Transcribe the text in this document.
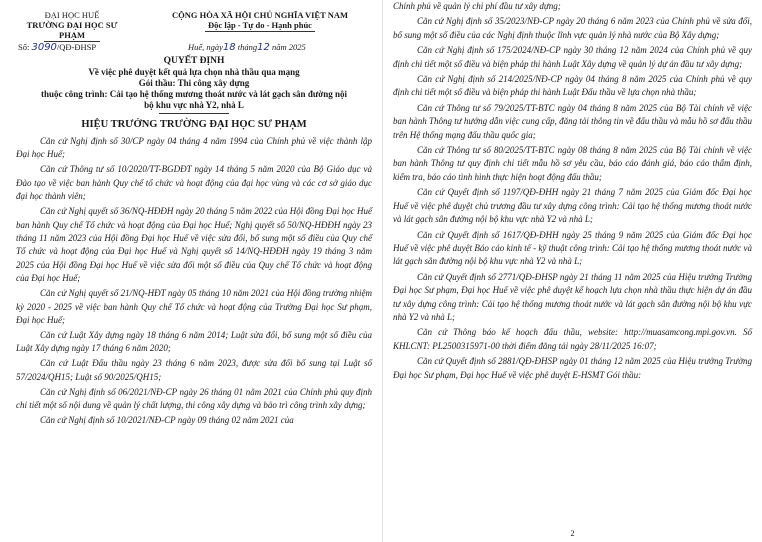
ĐẠI HỌC HUẾ
TRƯỜNG ĐẠI HỌC SƯ PHẠM
CỘNG HÒA XÃ HỘI CHỦ NGHĨA VIỆT NAM
Độc lập - Tự do - Hạnh phúc
Số: 3090/QĐ-ĐHSP	Huế, ngày18 tháng12 năm 2025
QUYẾT ĐỊNH
Về việc phê duyệt kết quả lựa chọn nhà thầu qua mạng
Gói thầu: Thi công xây dựng
thuộc công trình: Cải tạo hệ thống mương thoát nước và lát gạch sân đường nội
bộ khu vực nhà Y2, nhà L
HIỆU TRƯỞNG TRƯỜNG ĐẠI HỌC SƯ PHẠM

Căn cứ Nghị định số 30/CP ngày 04 tháng 4 năm 1994 của Chính phủ về việc thành lập Đại học Huế;

Căn cứ Thông tư số 10/2020/TT-BGDĐT ngày 14 tháng 5 năm 2020 của Bộ Giáo dục và Đào tạo về việc ban hành Quy chế tổ chức và hoạt động của đại học vùng và các cơ sở giáo dục đại học thành viên;

Căn cứ Nghị quyết số 36/NQ-HĐĐH ngày 20 tháng 5 năm 2022 của Hội đồng Đại học Huế ban hành Quy chế Tổ chức và hoạt động của Đại học Huế; Nghị quyết số 50/NQ-HĐĐH ngày 23 tháng 11 năm 2023 của Hội đồng Đại học Huế về việc sửa đổi, bổ sung một số điều của Quy chế Tổ chức và hoạt động của Đại học Huế và Nghị quyết số 14/NQ-HĐĐH ngày 19 tháng 3 năm 2025 của Hội đồng Đại học Huế về việc sửa đổi một số điều của Quy chế Tổ chức và hoạt động của Đại học Huế;

Căn cứ Nghị quyết số 21/NQ-HĐT ngày 05 tháng 10 năm 2021 của Hội đồng trường nhiệm kỳ 2020 - 2025 về việc ban hành Quy chế Tổ chức và hoạt động của Trường Đại học Sư phạm, Đại học Huế;

Căn cứ Luật Xây dựng ngày 18 tháng 6 năm 2014; Luật sửa đổi, bổ sung một số điều của Luật Xây dựng ngày 17 tháng 6 năm 2020;

Căn cứ Luật Đấu thầu ngày 23 tháng 6 năm 2023, được sửa đổi bổ sung tại Luật số 57/2024/QH15; Luật số 90/2025/QH15;

Căn cứ Nghị định số 06/2021/NĐ-CP ngày 26 tháng 01 năm 2021 của Chính phủ quy định chi tiết một số nội dung về quản lý chất lượng, thi công xây dựng và bảo trì công trình xây dựng;

Căn cứ Nghị định số 10/2021/NĐ-CP ngày 09 tháng 02 năm 2021 của

Chính phủ về quản lý chi phí đầu tư xây dựng;

Căn cứ Nghị định số 35/2023/NĐ-CP ngày 20 tháng 6 năm 2023 của Chính phủ về sửa đổi, bổ sung một số điều của các Nghị định thuộc lĩnh vực quản lý nhà nước của Bộ Xây dựng;

Căn cứ Nghị định số 175/2024/NĐ-CP ngày 30 tháng 12 năm 2024 của Chính phủ về quy định chi tiết một số điều và biện pháp thi hành Luật Xây dựng về quản lý dự án đầu tư xây dựng;

Căn cứ Nghị định số 214/2025/NĐ-CP ngày 04 tháng 8 năm 2025 của Chính phủ về quy định chi tiết một số điều và biện pháp thi hành Luật Đấu thầu về lựa chọn nhà thầu;

Căn cứ Thông tư số 79/2025/TT-BTC ngày 04 tháng 8 năm 2025 của Bộ Tài chính về việc ban hành Thông tư hướng dẫn việc cung cấp, đăng tải thông tin về đấu thầu và mẫu hồ sơ đấu thầu trên Hệ thống mạng đấu thầu quốc gia;

Căn cứ Thông tư số 80/2025/TT-BTC ngày 08 tháng 8 năm 2025 của Bộ Tài chính về việc ban hành Thông tư quy định chi tiết mẫu hồ sơ yêu cầu, báo cáo đánh giá, báo cáo thẩm định, kiểm tra, báo cáo tình hình thực hiện hoạt động đấu thầu;

Căn cứ Quyết định số 1197/QĐ-ĐHH ngày 21 tháng 7 năm 2025 của Giám đốc Đại học Huế về việc phê duyệt chủ trương đầu tư xây dựng công trình: Cải tạo hệ thống mương thoát nước và lát gạch sân đường nội bộ khu vực nhà Y2 và nhà L;

Căn cứ Quyết định số 1617/QĐ-ĐHH ngày 25 tháng 9 năm 2025 của Giám đốc Đại học Huế về việc phê duyệt Báo cáo kinh tế - kỹ thuật công trình: Cải tạo hệ thống mương thoát nước và lát gạch sân đường nội bộ khu vực nhà Y2 và nhà L;

Căn cứ Quyết định số 2771/QĐ-ĐHSP ngày 21 tháng 11 năm 2025 của Hiệu trưởng Trường Đại học Sư phạm, Đại học Huế về việc phê duyệt kế hoạch lựa chọn nhà thầu thực hiện dự án đầu tư xây dựng công trình: Cải tạo hệ thống mương thoát nước và lát gạch sân đường nội bộ khu vực nhà Y2 và nhà L;

Căn cứ Thông báo kế hoạch đấu thầu, website: http://muasamcong.mpi.gov.vn. Số KHLCNT: PL2500315971-00 thời điểm đăng tải ngày 28/11/2025 16:07;

Căn cứ Quyết định số 2881/QĐ-ĐHSP ngày 01 tháng 12 năm 2025 của Hiệu trưởng Trường Đại học Sư phạm, Đại học Huế về việc phê duyệt E-HSMT Gói thầu:

2
